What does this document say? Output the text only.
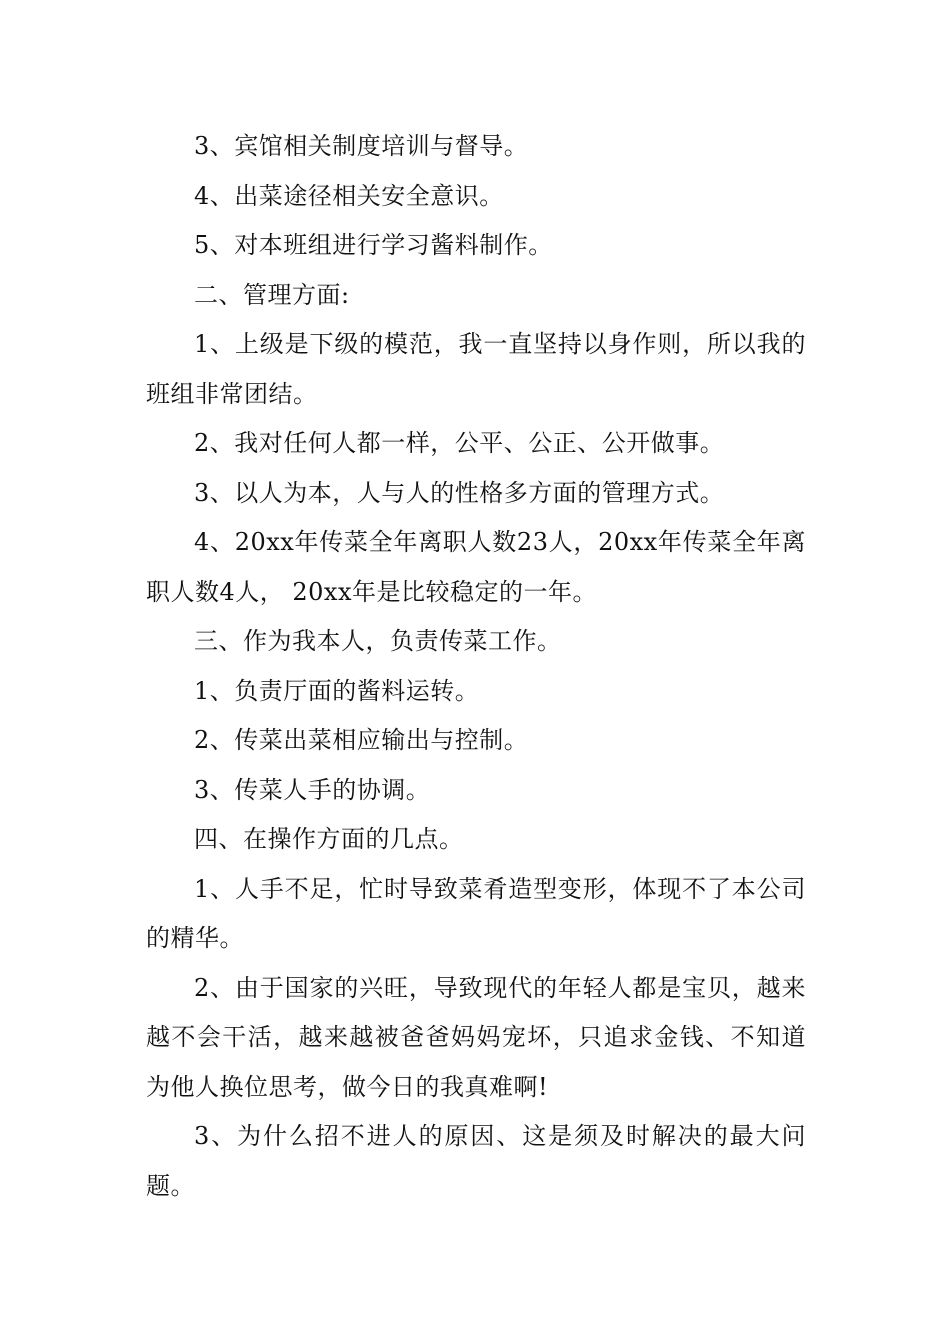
3、宾馆相关制度培训与督导。

4、出菜途径相关安全意识。

5、对本班组进行学习酱料制作。

二、管理方面:

1、上级是下级的模范，我一直坚持以身作则，所以我的班组非常团结。

2、我对任何人都一样，公平、公正、公开做事。

3、以人为本，人与人的性格多方面的管理方式。

4、20xx年传菜全年离职人数23人，20xx年传菜全年离职人数4人， 20xx年是比较稳定的一年。

三、作为我本人，负责传菜工作。

1、负责厅面的酱料运转。

2、传菜出菜相应输出与控制。

3、传菜人手的协调。

四、在操作方面的几点。

1、人手不足，忙时导致菜肴造型变形，体现不了本公司的精华。

2、由于国家的兴旺，导致现代的年轻人都是宝贝，越来越不会干活，越来越被爸爸妈妈宠坏，只追求金钱、不知道为他人换位思考，做今日的我真难啊!

3、为什么招不进人的原因、这是须及时解决的最大问题。
